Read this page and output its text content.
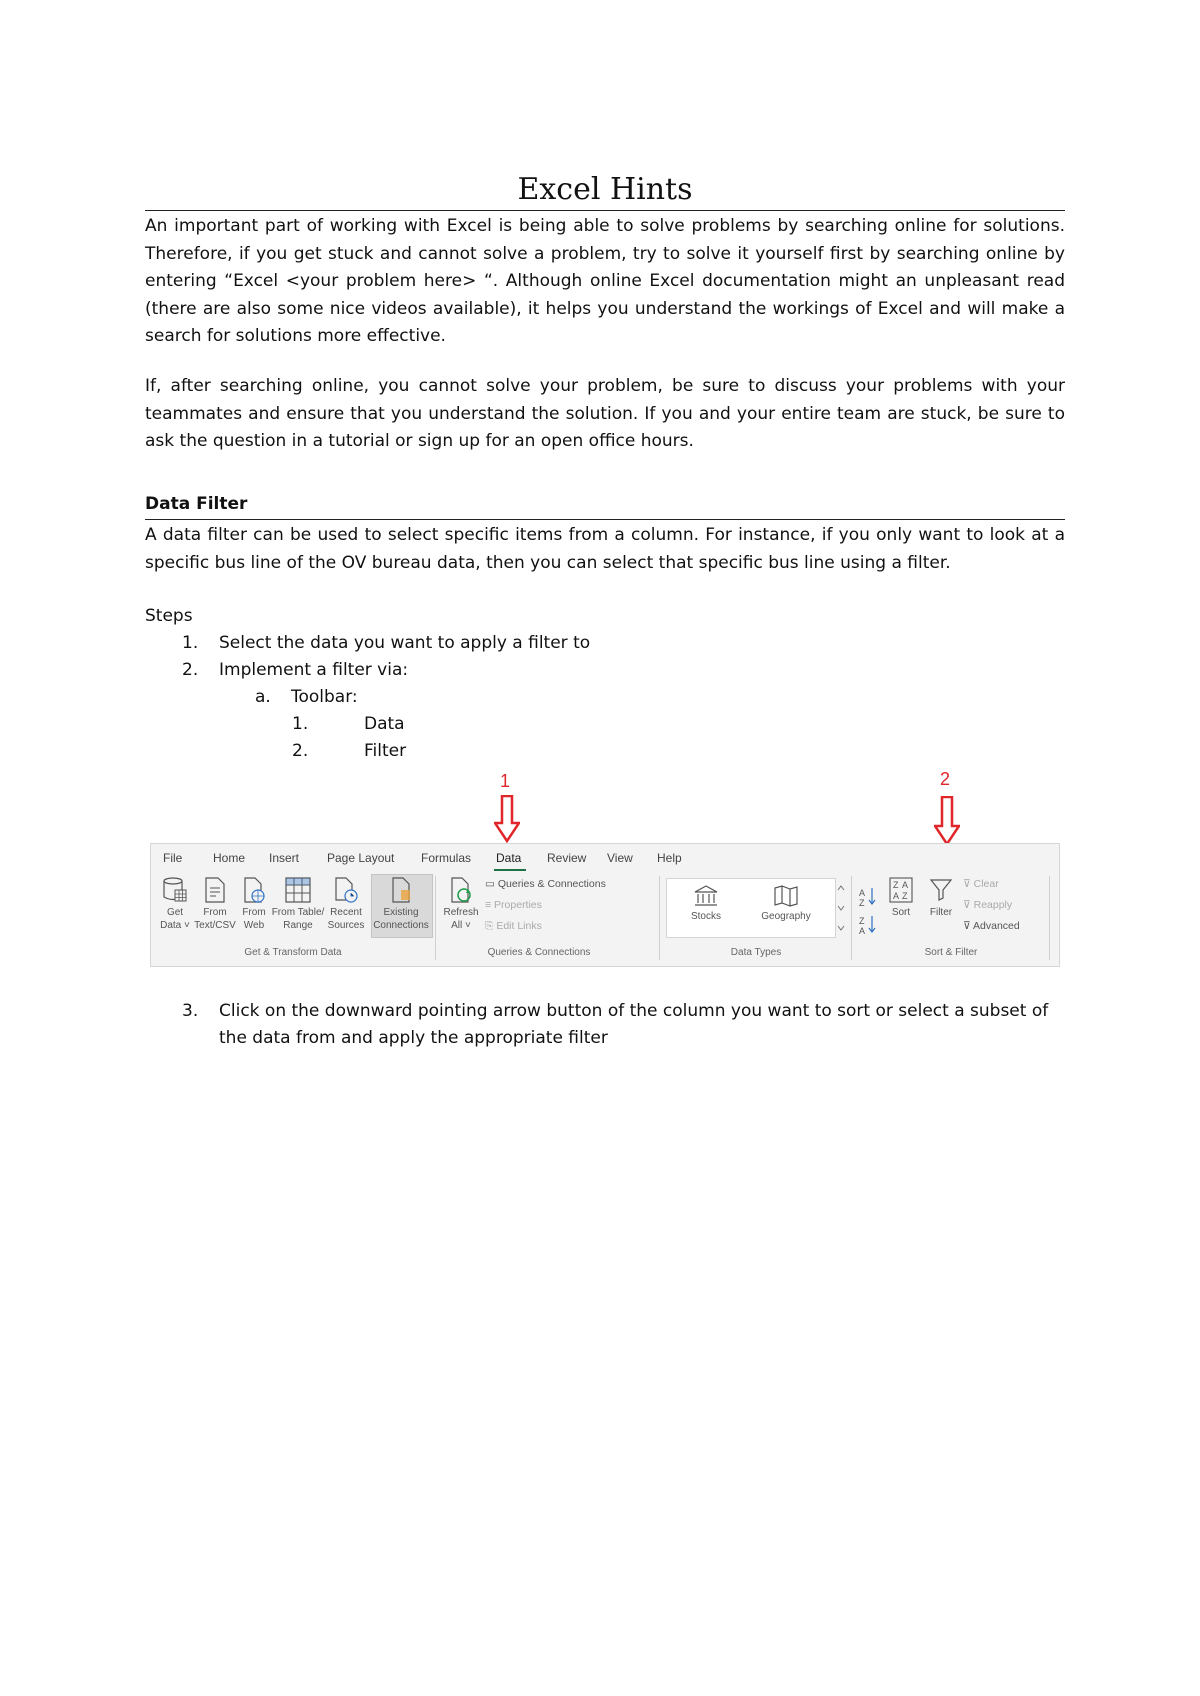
Excel Hints

An important part of working with Excel is being able to solve problems by searching online for solutions. Therefore, if you get stuck and cannot solve a problem, try to solve it yourself first by searching online by entering “Excel <your problem here> “. Although online Excel documentation might an unpleasant read (there are also some nice videos available), it helps you understand the workings of Excel and will make a search for solutions more effective.

If, after searching online, you cannot solve your problem, be sure to discuss your problems with your teammates and ensure that you understand the solution. If you and your entire team are stuck, be sure to ask the question in a tutorial or sign up for an open office hours.

Data Filter

A data filter can be used to select specific items from a column. For instance, if you only want to look at a specific bus line of the OV bureau data, then you can select that specific bus line using a filter.

Steps
1. Select the data you want to apply a filter to
2. Implement a filter via:
a. Toolbar:
1.	Data
2.	Filter
1	2
File	Home Insert Page Layout Formulas Data Review View Help
Get
Data ˅
From
Text/CSV
From
Web
From Table/
Range
Recent
Sources
Existing
Connections
Get & Transform Data
Refresh
All ˅
▭ Queries & Connections
≡ Properties
⎘ Edit Links
Queries & Connections
Stocks	Geography
Data Types
A
Z
Z
A
Z A
A Z
Sort	Filter
⊽ Clear
⊽ Reapply
⊽ Advanced
Sort & Filter
3. Click on the downward pointing arrow button of the column you want to sort or select a subset of the data from and apply the appropriate filter
